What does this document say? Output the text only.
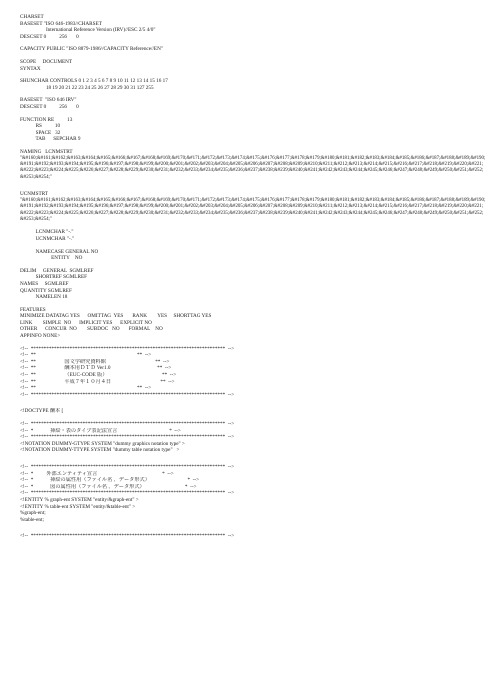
CHARSET
BASESET "ISO 646-1983//CHARSET
International Reference Version (IRV)//ESC 2/5 4/0"
DESCSET 0          256       0
CAPACITY PUBLIC "ISO 8879-1986//CAPACITY Reference//EN"
SCOPE     DOCUMENT
SYNTAX
SHUNCHAR CONTROLS 0 1 2 3 4 5 6 7 8 9 10 11 12 13 14 15 16 17
18 19 20 21 22 23 24 25 26 27 28 29 30 31 127 255
BASESET  "ISO 646 IRV"
DESCSET 0          256       0
FUNCTION RE          13
RS          10
SPACE   32
TAB      SEPCHAR 9
NAMING   LCNMSTRT
"&#160;&#161;&#162;&#163;&#164;&#165;&#166;&#167;&#168;&#169;&#170;&#171;&#172;&#173;&#174;&#175;&#176;&#177;&#178;&#179;&#180;&#181;&#182;&#183;&#184;&#185;&#186;&#187;&#188;&#189;&#190;&#191;&#192;&#193;&#194;&#195;&#196;&#197;&#198;&#199;&#200;&#201;&#202;&#203;&#204;&#205;&#206;&#207;&#208;&#209;&#210;&#211;&#212;&#213;&#214;&#215;&#216;&#217;&#218;&#219;&#220;&#221;&#222;&#223;&#224;&#225;&#226;&#227;&#228;&#229;&#230;&#231;&#232;&#233;&#234;&#235;&#236;&#237;&#238;&#239;&#240;&#241;&#242;&#243;&#244;&#245;&#246;&#247;&#248;&#249;&#250;&#251;&#252;&#253;&#254;"
UCNMSTRT
"&#160;&#161;&#162;&#163;&#164;&#165;&#166;&#167;&#168;&#169;&#170;&#171;&#172;&#173;&#174;&#175;&#176;&#177;&#178;&#179;&#180;&#181;&#182;&#183;&#184;&#185;&#186;&#187;&#188;&#189;&#190;&#191;&#192;&#193;&#194;&#195;&#196;&#197;&#198;&#199;&#200;&#201;&#202;&#203;&#204;&#205;&#206;&#207;&#208;&#209;&#210;&#211;&#212;&#213;&#214;&#215;&#216;&#217;&#218;&#219;&#220;&#221;&#222;&#223;&#224;&#225;&#226;&#227;&#228;&#229;&#230;&#231;&#232;&#233;&#234;&#235;&#236;&#237;&#238;&#239;&#240;&#241;&#242;&#243;&#244;&#245;&#246;&#247;&#248;&#249;&#250;&#251;&#252;&#253;&#254;"
LCNMCHAR "-."
UCNMCHAR "-."
NAMECASE GENERAL NO
ENTITY    NO
DELIM     GENERAL  SGMLREF
SHORTREF SGMLREF
NAMES     SGMLREF
QUANTITY SGMLREF
NAMELEN 18
FEATURES
MINIMIZE DATATAG YES      OMITTAG  YES       RANK        YES     SHORTTAG YES
LINK        SIMPLE  NO      IMPLICIT YES      EXPLICIT NO
OTHER      CONCUR  NO        SUBDOC   NO       FORMAL    NO
APPINFO NONE>
<!--  ***************************************************************************  -->
<!--  **                                                                              **  -->
<!--  **                      国文学研究資料館                                      **  -->
<!--  **                      酬本用ＤＴＤ Ver1.0                                    **  -->
<!--  **                      （EUC-CODE 版）                                          **  -->
<!--  **                      平成７年１０月４日                                      **  -->
<!--  **                                                                              **  -->
<!--  ***************************************************************************  -->
<!DOCTYPE 酬本 [
<!--  ***************************************************************************  -->
<!--  *             挿絵・表のタイプ表記法宣言                                        *  -->
<!--  ***************************************************************************  -->
<!NOTATION DUMMY-GTYPE SYSTEM "dummy graphics notation type" >
<!NOTATION DUMMY-TTYPE SYSTEM "dummy table notation type"   >
<!--  ***************************************************************************  -->
<!--  *          外部エンティティ宣言                                                  *  -->
<!--  *             挿絵の属性用（ファイル名 、データ形式）                             *  -->
<!--  *             図の属性用（ファイル名 、データ形式）                               *  -->
<!--  ***************************************************************************  -->
<!ENTITY % graph-ent SYSTEM "entity/&graph-ent" >
<!ENTITY % table-ent SYSTEM "entity/&table-ent" >
%graph-ent;
%table-ent;
<!--  ***************************************************************************  -->
